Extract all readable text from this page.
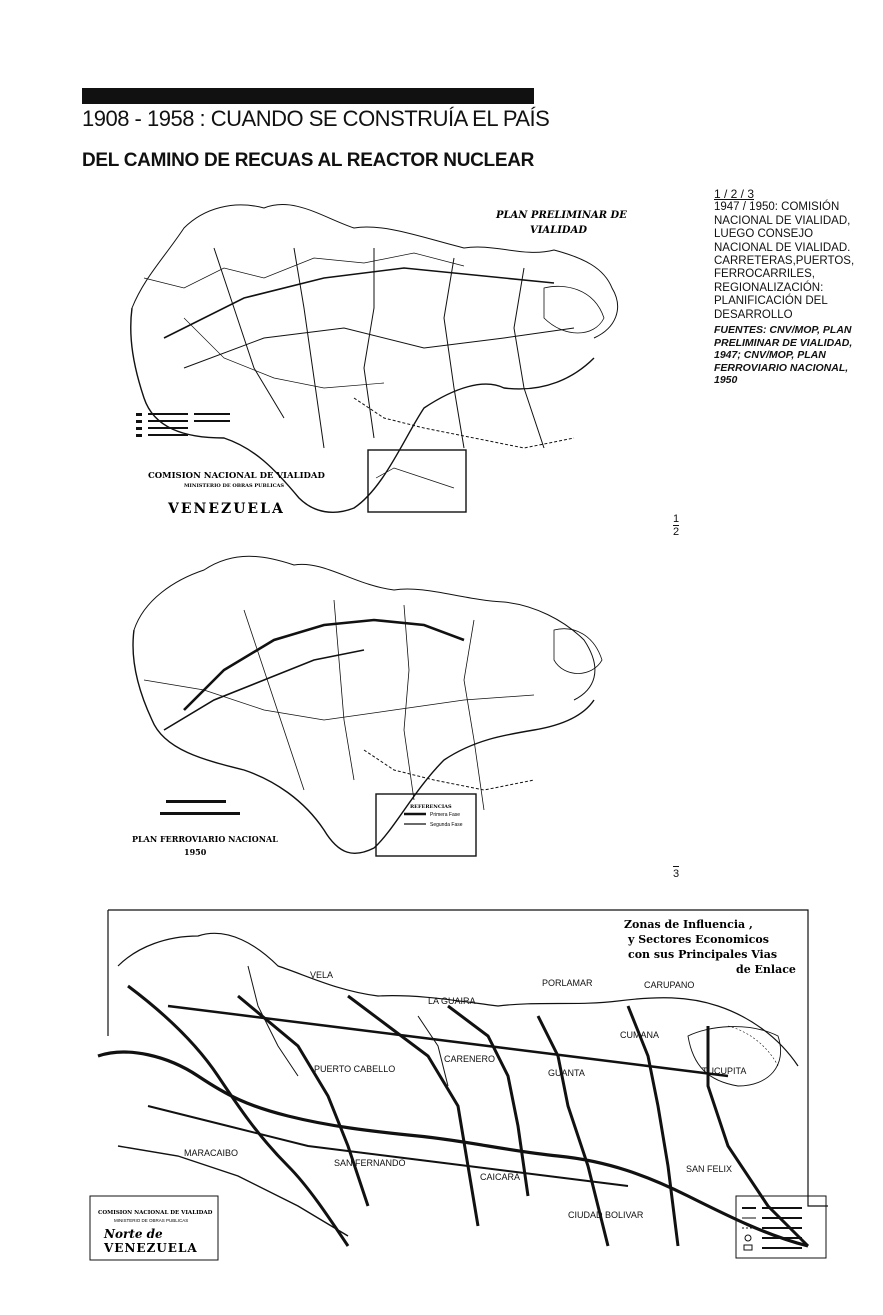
1908 - 1958 : CUANDO SE CONSTRUÍA EL PAÍS
DEL CAMINO DE RECUAS AL REACTOR NUCLEAR
PLAN PRELIMINAR DE
VIALIDAD
COMISION NACIONAL DE VIALIDAD
MINISTERIO DE OBRAS PUBLICAS
VENEZUELA
1
2
PLAN FERROVIARIO NACIONAL
1950
REFERENCIAS
Primera Fase
Segunda Fase
3
Zonas de Influencia ,
y Sectores Economicos
con sus Principales Vias
de Enlace
VELA
PORLAMAR	CARUPANO
LA GUAIRA
CUMANA
TUCUPITA
PUERTO CABELLO
CARENERO
GUANTA
MARACAIBO
SAN FERNANDO
CAICARA
SAN FELIX
CIUDAD BOLIVAR
COMISION NACIONAL DE VIALIDAD
MINISTERIO DE OBRAS PUBLICAS
Norte de
VENEZUELA
1 / 2 / 3
1947 / 1950: COMISIÓN NACIONAL DE VIALIDAD, LUEGO CONSEJO NACIONAL DE VIALIDAD. CARRETERAS,PUERTOS, FERROCARRILES, REGIONALIZACIÓN: PLANIFICACIÓN DEL DESARROLLO
FUENTES: CNV/MOP, PLAN PRELIMINAR DE VIALIDAD, 1947; CNV/MOP, PLAN FERROVIARIO NACIONAL, 1950
